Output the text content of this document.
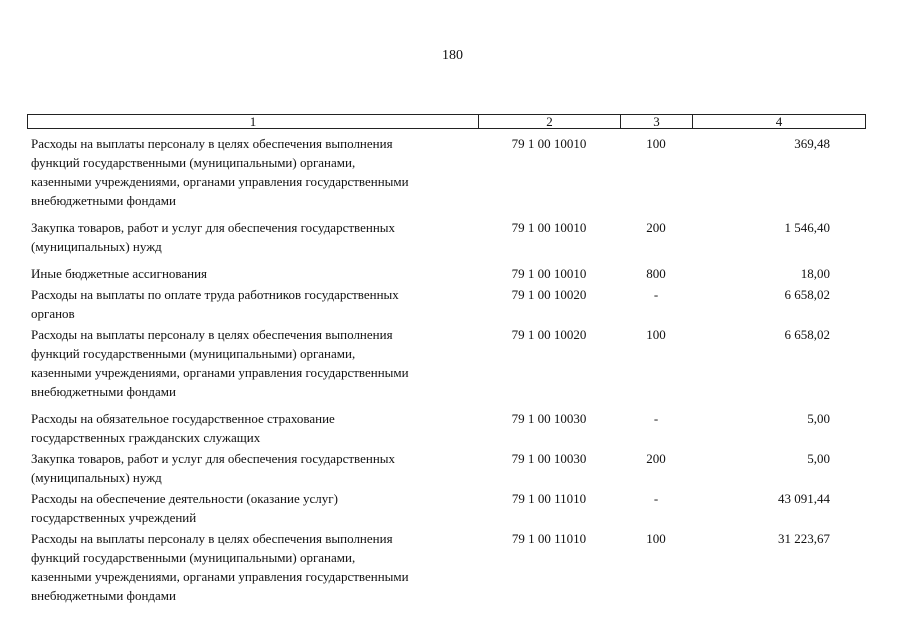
180
1	2	3	4
Расходы на выплаты персоналу в целях обеспечения выполнения
функций государственными (муниципальными) органами,
казенными учреждениями, органами управления государственными
внебюджетными фондами
79 1 00 10010	100	369,48
Закупка товаров, работ и услуг для обеспечения государственных
(муниципальных) нужд
79 1 00 10010	200	1 546,40
Иные бюджетные ассигнования	79 1 00 10010	800	18,00
Расходы на выплаты по оплате труда работников государственных
органов
79 1 00 10020	-	6 658,02
Расходы на выплаты персоналу в целях обеспечения выполнения
функций государственными (муниципальными) органами,
казенными учреждениями, органами управления государственными
внебюджетными фондами
79 1 00 10020	100	6 658,02
Расходы на обязательное государственное страхование
государственных гражданских служащих
79 1 00 10030	-	5,00
Закупка товаров, работ и услуг для обеспечения государственных
(муниципальных) нужд
79 1 00 10030	200	5,00
Расходы на обеспечение деятельности (оказание услуг)
государственных учреждений
79 1 00 11010	-	43 091,44
Расходы на выплаты персоналу в целях обеспечения выполнения
функций государственными (муниципальными) органами,
казенными учреждениями, органами управления государственными
внебюджетными фондами
79 1 00 11010	100	31 223,67
